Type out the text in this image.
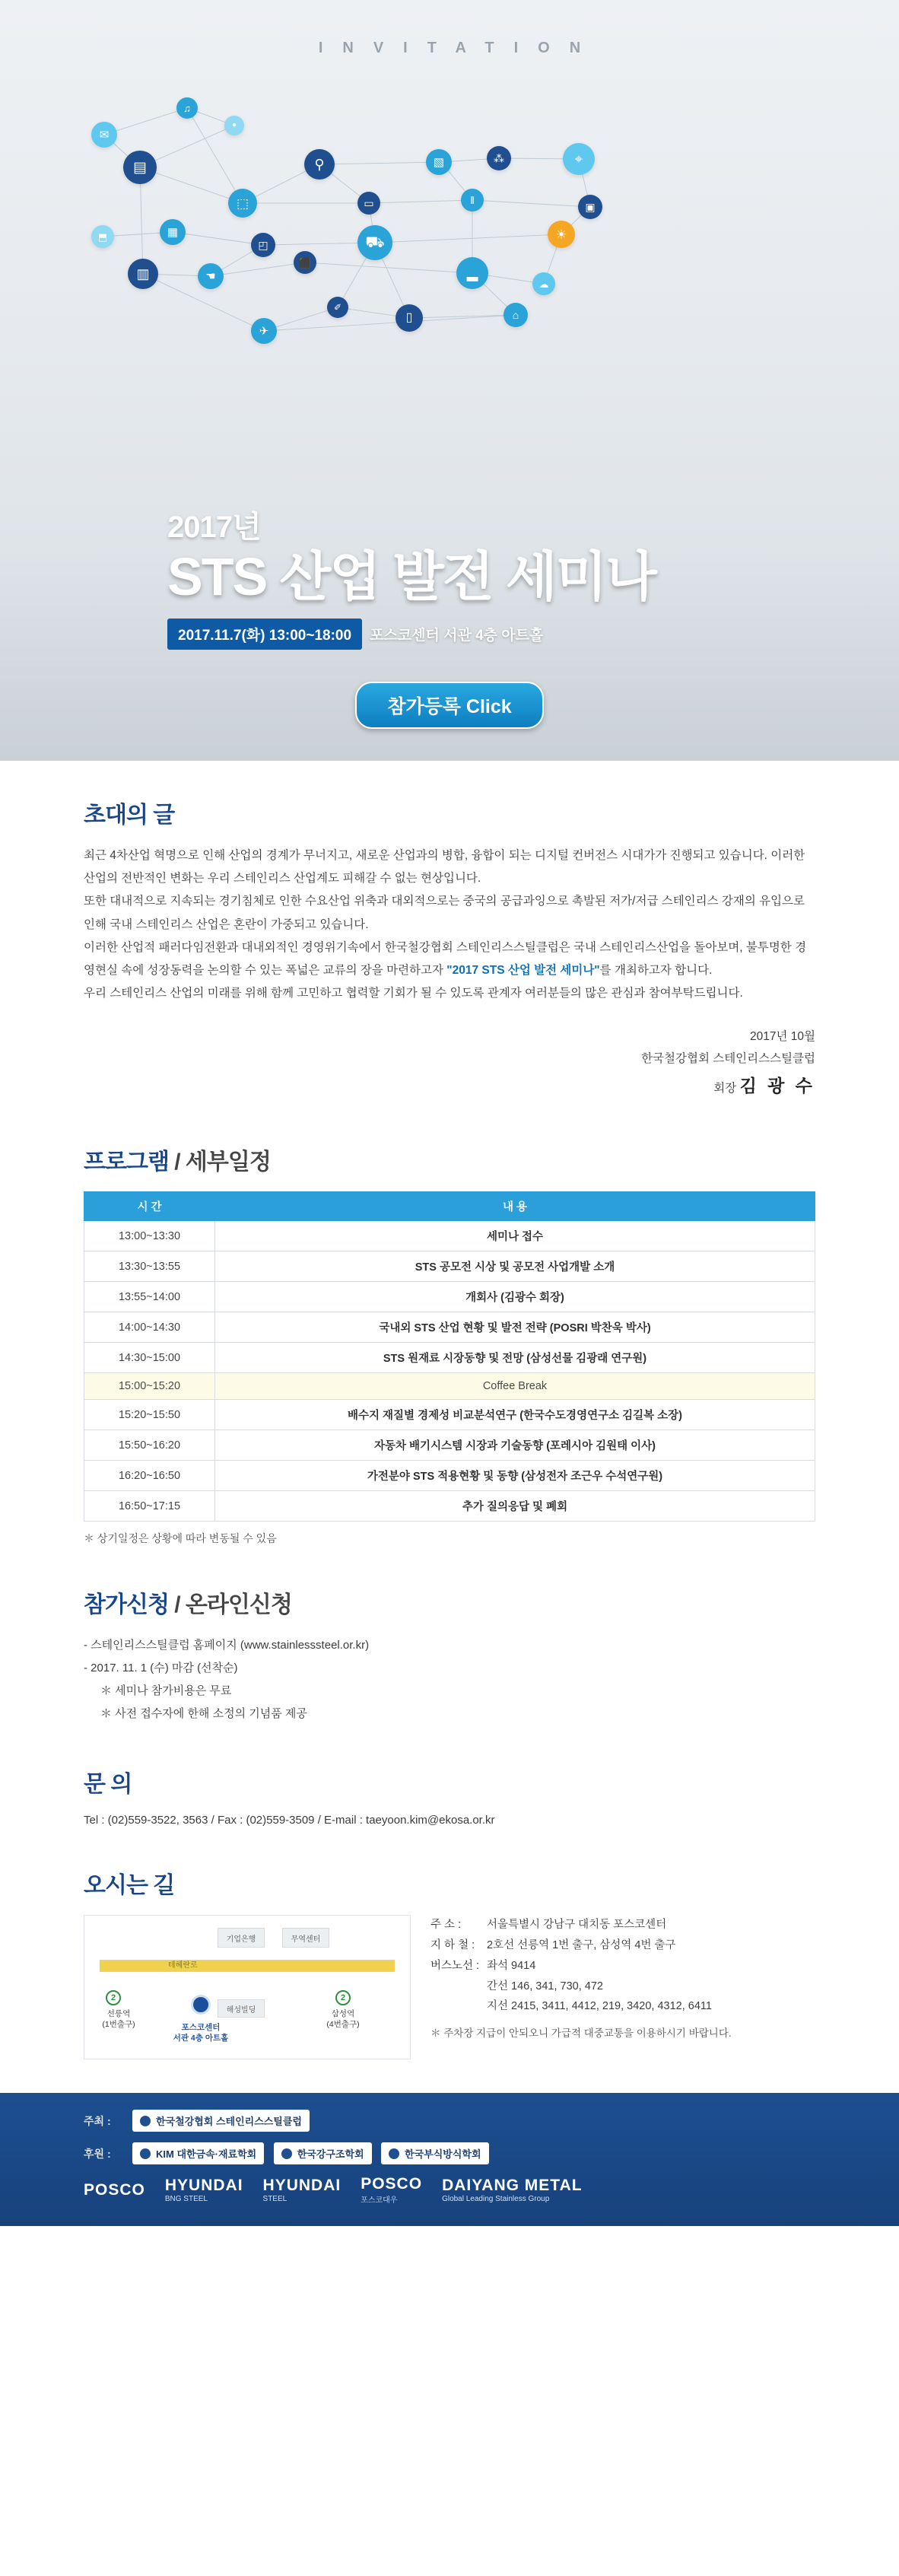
INVITATION
✉
♫
●
▤	⚲	▧	⁂	⌖
⬚	▭	‖
▣
⬒	▦
◰	⛟	☀
▥	☚
⬛
▂
☁
✐
▯	⌂
✈
2017년
STS 산업 발전 세미나
2017.11.7(화) 13:00~18:00	포스코센터 서관 4층 아트홀
참가등록 Click
초대의 글
최근 4차산업 혁명으로 인해 산업의 경계가 무너지고, 새로운 산업과의 병합, 융합이 되는 디지털 컨버전스 시대가가 진행되고 있습니다. 이러한 산업의 전반적인 변화는 우리 스테인리스 산업계도 피해갈 수 없는 현상입니다.
또한 대내적으로 지속되는 경기침체로 인한 수요산업 위축과 대외적으로는 중국의 공급과잉으로 촉발된 저가/저급 스테인리스 강재의 유입으로 인해 국내 스테인리스 산업은 혼란이 가중되고 있습니다.
이러한 산업적 패러다임전환과 대내외적인 경영위기속에서 한국철강협회 스테인리스스틸클럽은 국내 스테인리스산업을 돌아보며, 불투명한 경영현실 속에 성장동력을 논의할 수 있는 폭넓은 교류의 장을 마련하고자 "2017 STS 산업 발전 세미나"를 개최하고자 합니다.
우리 스테인리스 산업의 미래를 위해 함께 고민하고 협력할 기회가 될 수 있도록 관계자 여러분들의 많은 관심과 참여부탁드립니다.
2017년 10월
한국철강협회 스테인리스스틸클럽
회장 김 광 수
프로그램 / 세부일정
시 간	내 용
13:00~13:30	세미나 접수
13:30~13:55	STS 공모전 시상 및 공모전 사업개발 소개
13:55~14:00	개회사 (김광수 회장)
14:00~14:30	국내외 STS 산업 현황 및 발전 전략 (POSRI 박찬욱 박사)
14:30~15:00	STS 원재료 시장동향 및 전망 (삼성선물 김광래 연구원)
15:00~15:20	Coffee Break
15:20~15:50	배수지 재질별 경제성 비교분석연구 (한국수도경영연구소 김길복 소장)
15:50~16:20	자동차 배기시스템 시장과 기술동향 (포레시아 김원태 이사)
16:20~16:50	가전분야 STS 적용현황 및 동향 (삼성전자 조근우 수석연구원)
16:50~17:15	추가 질의응답 및 폐회
＊ 상기일정은 상황에 따라 변동될 수 있음
참가신청 / 온라인신청
- 스테인리스스틸클럽 홈페이지 (www.stainlesssteel.or.kr)
- 2017. 11. 1 (수) 마감 (선착순)
＊ 세미나 참가비용은 무료
＊ 사전 접수자에 한해 소정의 기념품 제공
문 의
Tel : (02)559-3522, 3563 / Fax : (02)559-3509 / E-mail : taeyoon.kim@ekosa.or.kr
오시는 길
테헤란로
기업은행	무역센터
해성빌딩
2
선릉역
(1번출구)
2
삼성역
(4번출구)
포스코센터
서관 4층 아트홀
주 소 : 서울특별시 강남구 대치동 포스코센터
지 하 철 : 2호선 선릉역 1번 출구, 삼성역 4번 출구
버스노선 : 좌석 9414
간선 146, 341, 730, 472
지선 2415, 3411, 4412, 219, 3420, 4312, 6411
＊ 주차장 지급이 안되오니 가급적 대중교통을 이용하시기 바랍니다.
주최 :	한국철강협회 스테인리스스틸클럽
후원 :	KIM 대한금속·재료학회
	한국강구조학회
	한국부식방식학회
POSCO HYUNDAI
BNG STEEL
HYUNDAI
STEEL
POSCO
포스코대우
DAIYANG METAL
Global Leading Stainless Group
